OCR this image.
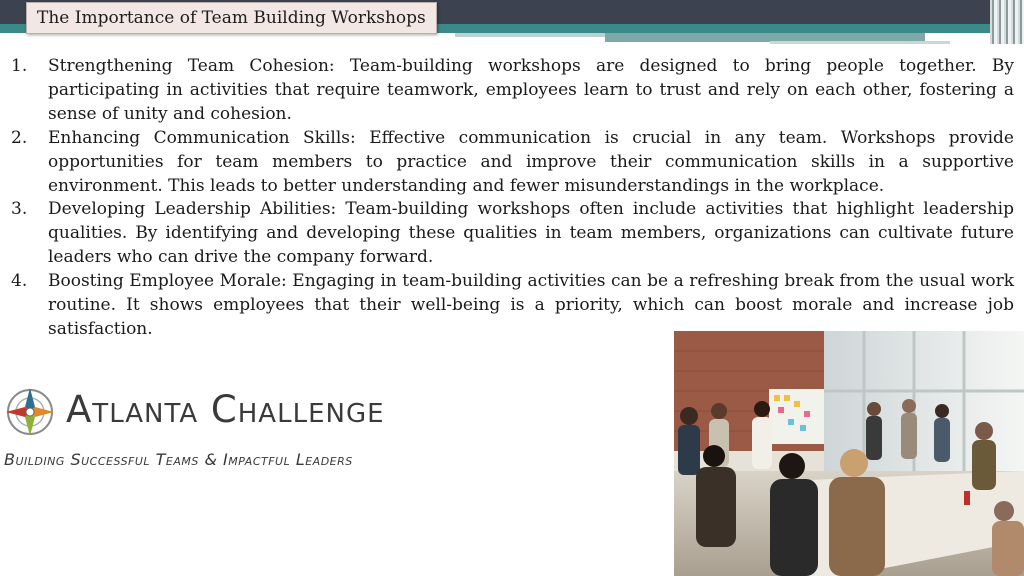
The Importance of Team Building Workshops
1.	Strengthening Team Cohesion: Team-building workshops are designed to bring people together. By participating in activities that require teamwork, employees learn to trust and rely on each other, fostering a sense of unity and cohesion.
2.	Enhancing Communication Skills: Effective communication is crucial in any team. Workshops provide opportunities for team members to practice and improve their communication skills in a supportive environment. This leads to better understanding and fewer misunderstandings in the workplace.
3.	Developing Leadership Abilities: Team-building workshops often include activities that highlight leadership qualities. By identifying and developing these qualities in team members, organizations can cultivate future leaders who can drive the company forward.
4.	Boosting Employee Morale: Engaging in team-building activities can be a refreshing break from the usual work routine. It shows employees that their well-being is a priority, which can boost morale and increase job satisfaction.
Atlanta Challenge
Building Successful Teams & Impactful Leaders
